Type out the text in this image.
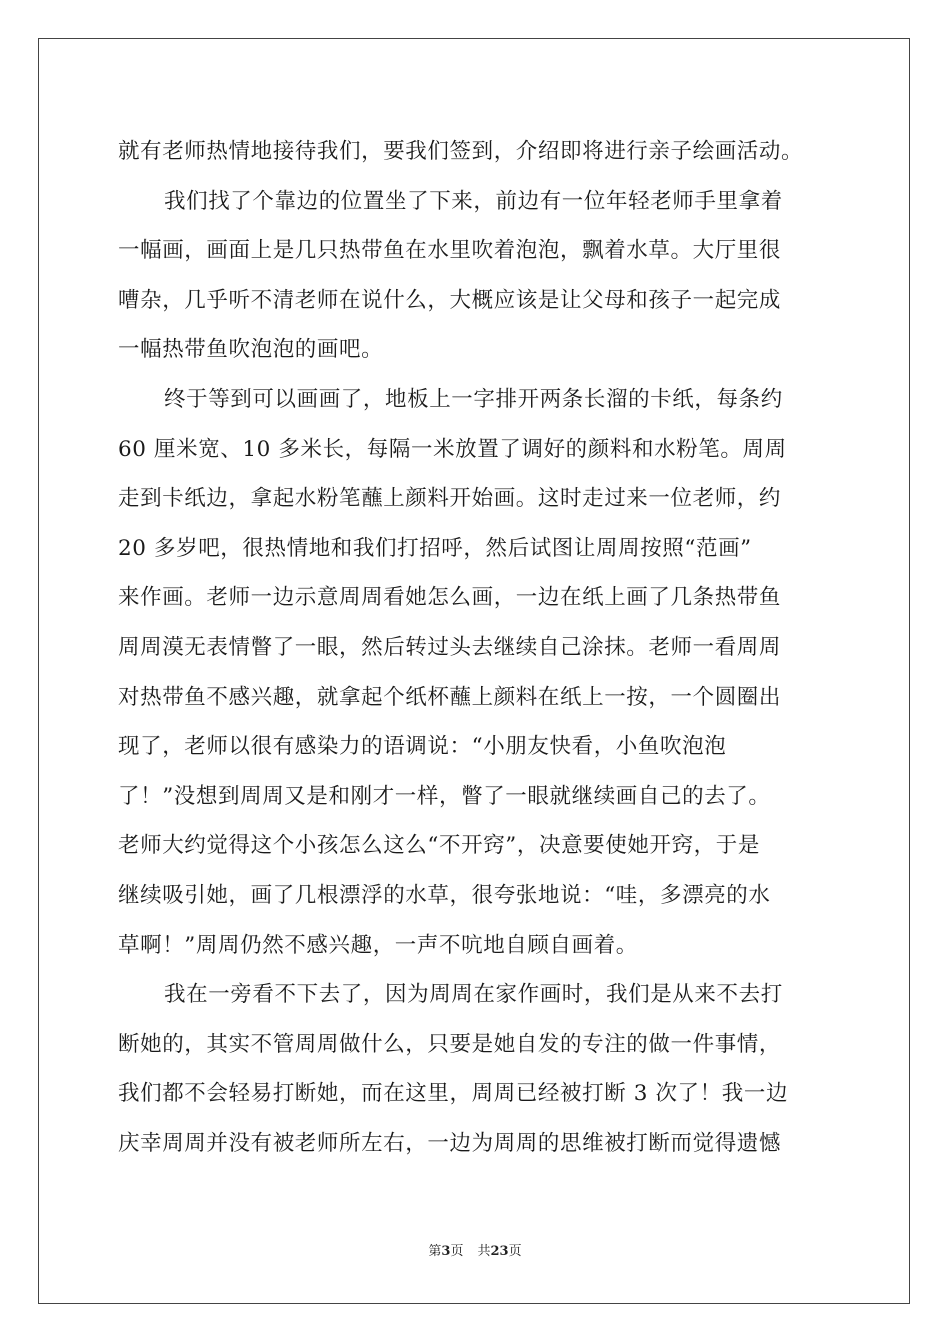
就有老师热情地接待我们，要我们签到，介绍即将进行亲子绘画活动。
我们找了个靠边的位置坐了下来，前边有一位年轻老师手里拿着
一幅画，画面上是几只热带鱼在水里吹着泡泡，飘着水草。大厅里很
嘈杂，几乎听不清老师在说什么，大概应该是让父母和孩子一起完成
一幅热带鱼吹泡泡的画吧。
终于等到可以画画了，地板上一字排开两条长溜的卡纸，每条约
60 厘米宽、10 多米长，每隔一米放置了调好的颜料和水粉笔。周周
走到卡纸边，拿起水粉笔蘸上颜料开始画。这时走过来一位老师，约
20 多岁吧，很热情地和我们打招呼，然后试图让周周按照“范画”
来作画。老师一边示意周周看她怎么画，一边在纸上画了几条热带鱼
周周漠无表情瞥了一眼，然后转过头去继续自己涂抹。老师一看周周
对热带鱼不感兴趣，就拿起个纸杯蘸上颜料在纸上一按，一个圆圈出
现了，老师以很有感染力的语调说：“小朋友快看，小鱼吹泡泡
了！”没想到周周又是和刚才一样，瞥了一眼就继续画自己的去了。
老师大约觉得这个小孩怎么这么“不开窍”，决意要使她开窍，于是
继续吸引她，画了几根漂浮的水草，很夸张地说：“哇，多漂亮的水
草啊！”周周仍然不感兴趣，一声不吭地自顾自画着。
我在一旁看不下去了，因为周周在家作画时，我们是从来不去打
断她的，其实不管周周做什么，只要是她自发的专注的做一件事情，
我们都不会轻易打断她，而在这里，周周已经被打断 3 次了！我一边
庆幸周周并没有被老师所左右，一边为周周的思维被打断而觉得遗憾
第3页 共23页
